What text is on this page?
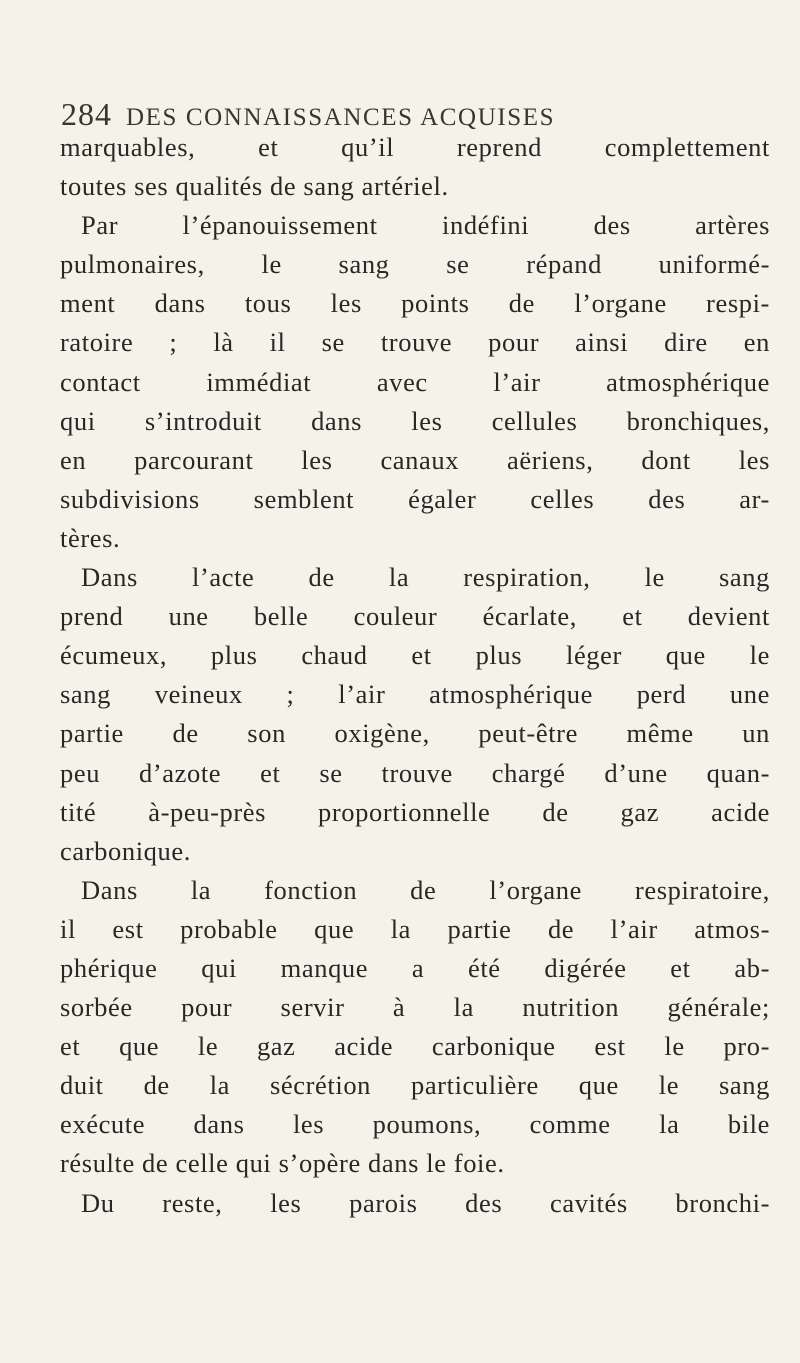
284 DES CONNAISSANCES ACQUISES
marquables, et qu’il reprend complettement
toutes ses qualités de sang artériel.
Par l’épanouissement indéfini des artères
pulmonaires, le sang se répand uniformé-
ment dans tous les points de l’organe respi-
ratoire ; là il se trouve pour ainsi dire en
contact immédiat avec l’air atmosphérique
qui s’introduit dans les cellules bronchiques,
en parcourant les canaux aëriens, dont les
subdivisions semblent égaler celles des ar-
tères.
Dans l’acte de la respiration, le sang
prend une belle couleur écarlate, et devient
écumeux, plus chaud et plus léger que le
sang veineux ; l’air atmosphérique perd une
partie de son oxigène, peut-être même un
peu d’azote et se trouve chargé d’une quan-
tité à-peu-près proportionnelle de gaz acide
carbonique.
Dans la fonction de l’organe respiratoire,
il est probable que la partie de l’air atmos-
phérique qui manque a été digérée et ab-
sorbée pour servir à la nutrition générale;
et que le gaz acide carbonique est le pro-
duit de la sécrétion particulière que le sang
exécute dans les poumons, comme la bile
résulte de celle qui s’opère dans le foie.
Du reste, les parois des cavités bronchi-
